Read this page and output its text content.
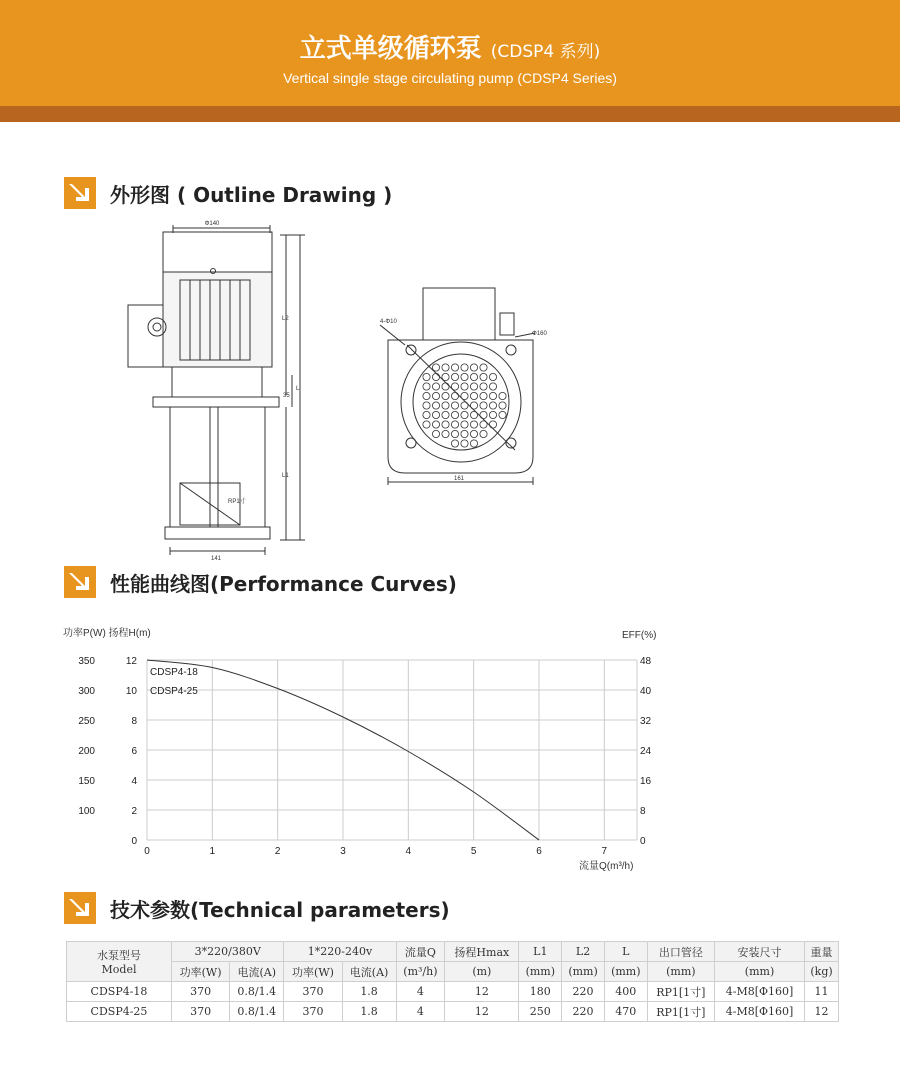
立式单级循环泵 (CDSP4 系列)
Vertical single stage circulating pump (CDSP4 Series)
外形图 ( Outline Drawing )
Φ140
141
L2
L
L1
35
RP1寸
4-Φ10
Φ160
161
性能曲线图(Performance Curves)
0	1	2	3	4	5	6	7
0
2
4
6
8
10
12
100
150
200
250
300
350
0
8
16
24
32
40
48
功率P(W) 扬程H(m)	EFF(%)
流量Q(m³/h)
CDSP4-18
CDSP4-25
技术参数(Technical parameters)
水泵型号
Model	3*220/380V		1*220-240v		流量Q	扬程Hmax	L1	L2	L	出口管径	安装尺寸	重量
	功率(W)	电流(A)	功率(W)	电流(A)	(m³/h)	(m)	(mm)	(mm)	(mm)	(mm)	(mm)	(kg)
CDSP4-18	370	0.8/1.4	370	1.8	4	12	180	220	400	RP1[1寸]	4-M8[Φ160]	11
CDSP4-25	370	0.8/1.4	370	1.8	4	12	250	220	470	RP1[1寸]	4-M8[Φ160]	12
